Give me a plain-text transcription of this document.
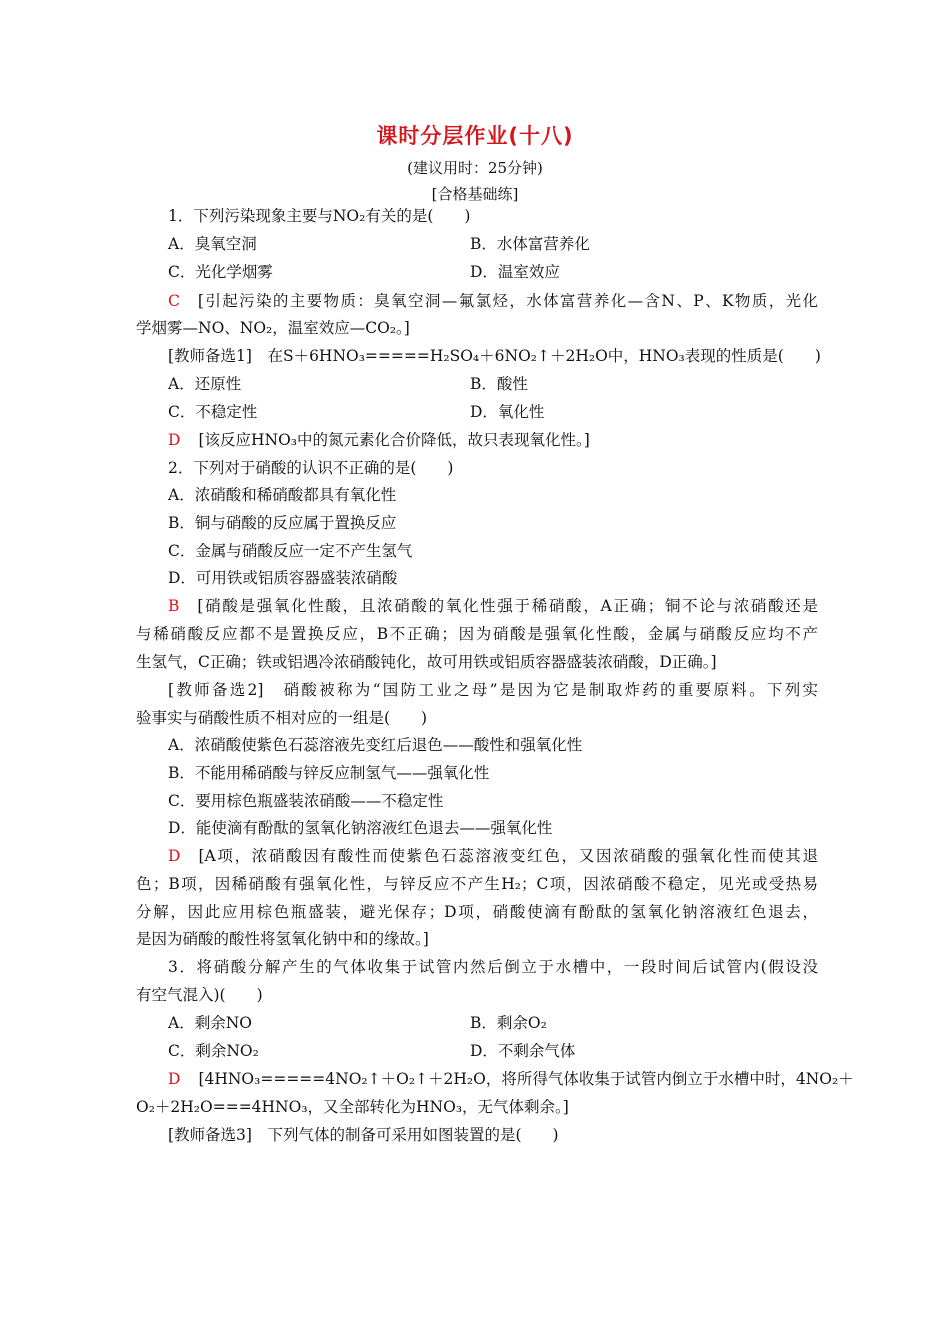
课时分层作业(十八)
(建议用时：25分钟)
[合格基础练]
1．下列污染现象主要与NO₂有关的是(　　)
A．臭氧空洞	B．水体富营养化
C．光化学烟雾	D．温室效应
C [引起污染的主要物质：臭氧空洞—氟氯烃，水体富营养化—含N、P、K物质，光化
学烟雾—NO、NO₂，温室效应—CO₂。]
[教师备选1]　在S＋6HNO₃=====H₂SO₄＋6NO₂↑＋2H₂O中，HNO₃表现的性质是(　　)
A．还原性	B．酸性
C．不稳定性	D．氧化性
D [该反应HNO₃中的氮元素化合价降低，故只表现氧化性。]
2．下列对于硝酸的认识不正确的是(　　)
A．浓硝酸和稀硝酸都具有氧化性
B．铜与硝酸的反应属于置换反应
C．金属与硝酸反应一定不产生氢气
D．可用铁或铝质容器盛装浓硝酸
B [硝酸是强氧化性酸，且浓硝酸的氧化性强于稀硝酸，A正确；铜不论与浓硝酸还是
与稀硝酸反应都不是置换反应，B不正确；因为硝酸是强氧化性酸，金属与硝酸反应均不产
生氢气，C正确；铁或铝遇冷浓硝酸钝化，故可用铁或铝质容器盛装浓硝酸，D正确。]
[教师备选2]　硝酸被称为“国防工业之母”是因为它是制取炸药的重要原料。下列实
验事实与硝酸性质不相对应的一组是(　　)
A．浓硝酸使紫色石蕊溶液先变红后退色——酸性和强氧化性
B．不能用稀硝酸与锌反应制氢气——强氧化性
C．要用棕色瓶盛装浓硝酸——不稳定性
D．能使滴有酚酞的氢氧化钠溶液红色退去——强氧化性
D [A项，浓硝酸因有酸性而使紫色石蕊溶液变红色，又因浓硝酸的强氧化性而使其退
色；B项，因稀硝酸有强氧化性，与锌反应不产生H₂；C项，因浓硝酸不稳定，见光或受热易
分解，因此应用棕色瓶盛装，避光保存；D项，硝酸使滴有酚酞的氢氧化钠溶液红色退去，
是因为硝酸的酸性将氢氧化钠中和的缘故。]
3．将硝酸分解产生的气体收集于试管内然后倒立于水槽中，一段时间后试管内(假设没
有空气混入)(　　)
A．剩余NO	B．剩余O₂
C．剩余NO₂	D．不剩余气体
D [4HNO₃=====4NO₂↑＋O₂↑＋2H₂O，将所得气体收集于试管内倒立于水槽中时，4NO₂＋
O₂＋2H₂O===4HNO₃，又全部转化为HNO₃，无气体剩余。]
[教师备选3]　下列气体的制备可采用如图装置的是(　　)
